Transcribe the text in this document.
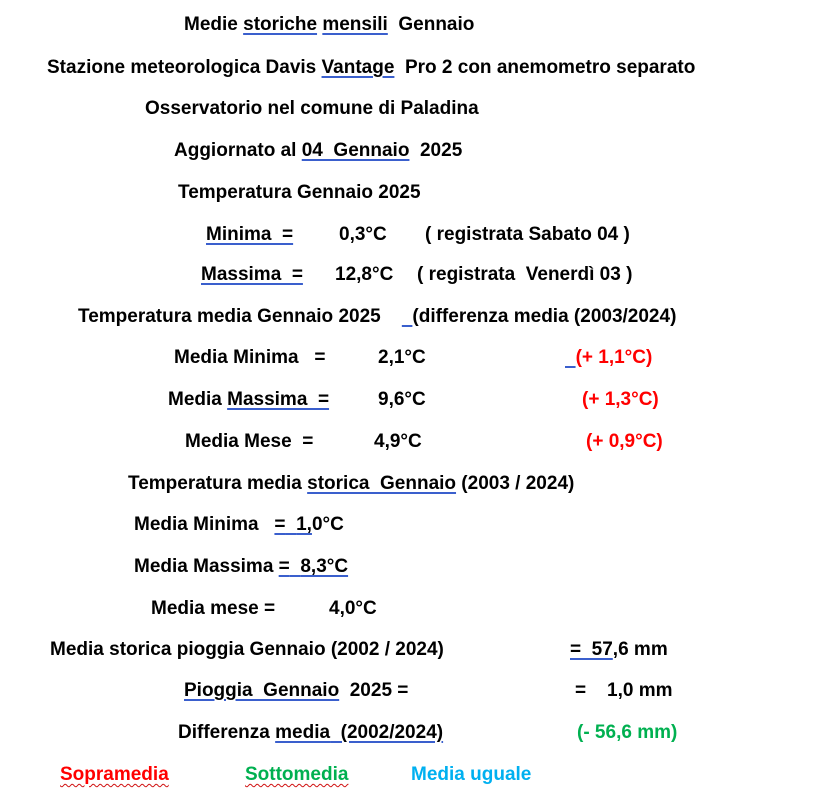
Medie storiche mensili  Gennaio
Stazione meteorologica Davis Vantage  Pro 2 con anemometro separato
Osservatorio nel comune di Paladina
Aggiornato al 04  Gennaio  2025
Temperatura Gennaio 2025
Minima  = 0,3°C ( registrata Sabato 04 )
Massima  = 12,8°C ( registrata  Venerdì 03 )
Temperatura media Gennaio 2025      (differenza media (2003/2024)
Media Minima   =	2,1°C	(+ 1,1°C)
Media Massima  =	9,6°C	(+ 1,3°C)
Media Mese  =	4,9°C	(+ 0,9°C)
Temperatura media storica  Gennaio (2003 / 2024)
Media Minima   = 1,0°C
Media Massima = 8,3°C
Media mese =	4,0°C
Media storica pioggia Gennaio (2002 / 2024)	=  57,6 mm
Pioggia  Gennaio  2025 =	= 1,0 mm
Differenza media  (2002/2024)	(- 56,6 mm)
Sopramedia	Sottomedia	Media uguale
